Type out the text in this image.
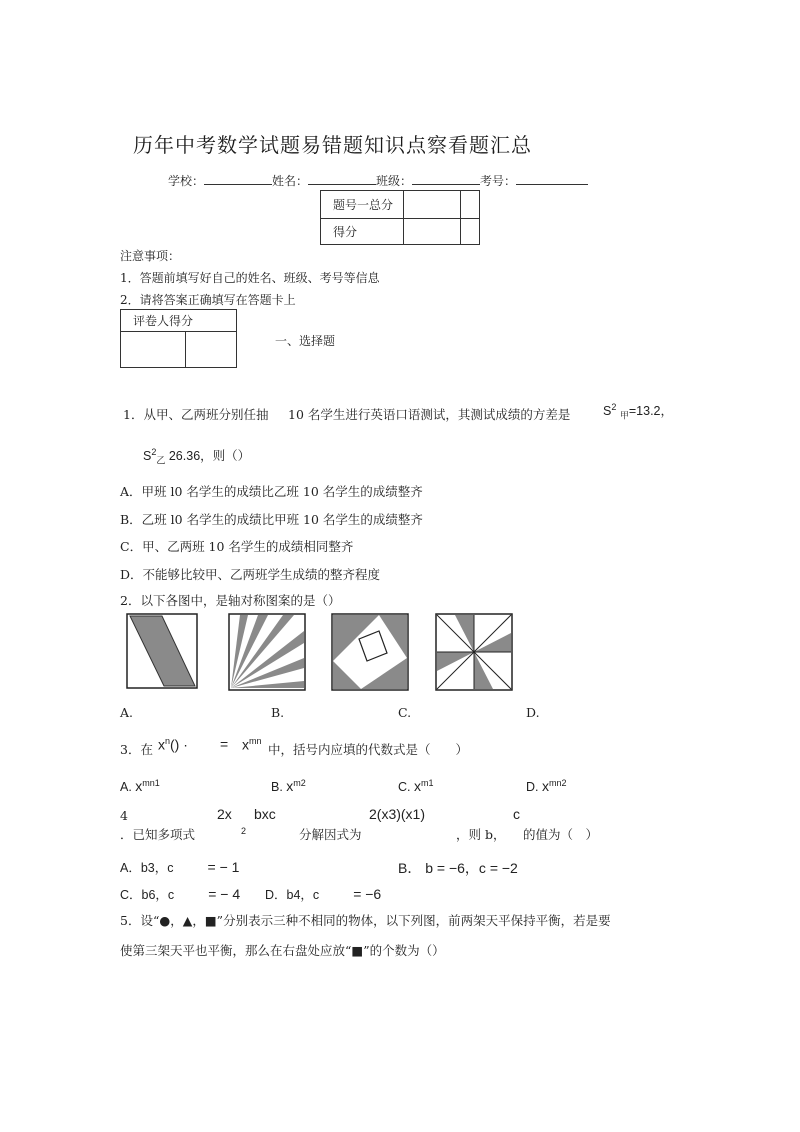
历年中考数学试题易错题知识点察看题汇总
学校：	姓名：	班级：	考号：
题号一总分		
得分		
注意事项：
1．答题前填写好自己的姓名、班级、考号等信息
2．请将答案正确填写在答题卡上
评卷人得分

一、选择题
1．从甲、乙两班分别任抽 10 名学生进行英语口语测试，其测试成绩的方差是	$S^2$ $_甲$=13.2，
$S^2_乙$ 26.36，则（）
A．甲班 l0 名学生的成绩比乙班 10 名学生的成绩整齐
B．乙班 l0 名学生的成绩比甲班 10 名学生的成绩整齐
C．甲、乙两班 10 名学生的成绩相同整齐
D．不能够比较甲、乙两班学生成绩的整齐程度
2．以下各图中，是轴对称图案的是（）
A.	B.	C.	D.
3．在 $x^n()$ · = $x^{mn}$
中，括号内应填的代数式是（　　）
A. $x^{mn1}$	B. $x^{m2}$	C. $x^{m1}$	D. $x^{mn2}$
4	2x bxc	2(x3)(x1)	c
．已知多项式	2	分解因式为	，则 b， 的值为（　）
A．b3，c = − 1	B． b = −6，c = −2
C．b6，c = − 4 D．b4，c = −6
5．设“●，▲，■”分别表示三种不相同的物体，以下列图，前两架天平保持平衡，若是要
使第三架天平也平衡，那么在右盘处应放“■”的个数为（）
